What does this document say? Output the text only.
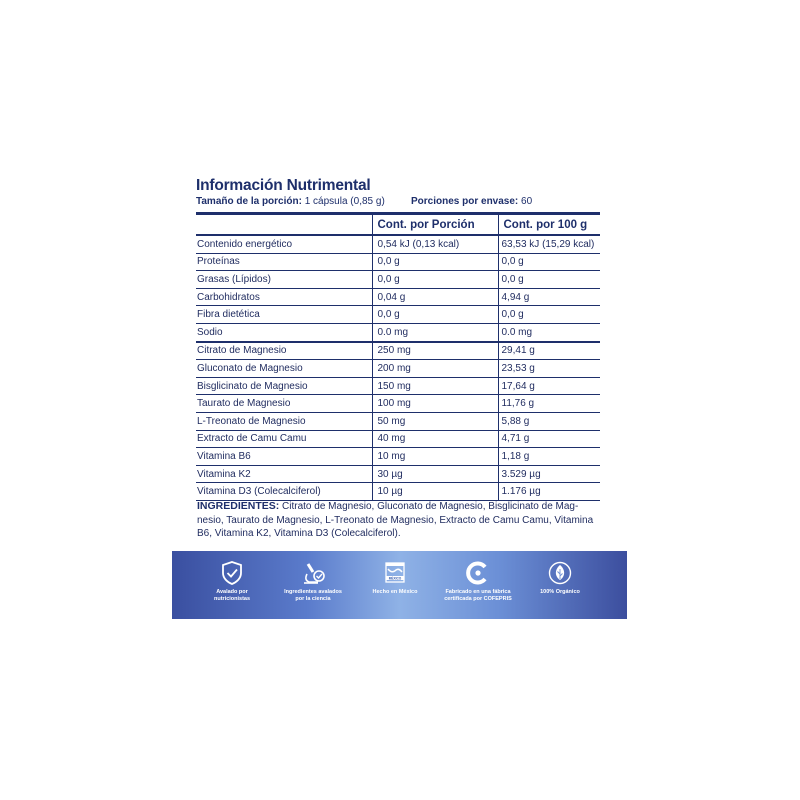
Información Nutrimental
Tamaño de la porción: 1 cápsula (0,85 g)	Porciones por envase: 60
	Cont. por Porción	Cont. por 100 g
Contenido energético	0,54 kJ (0,13 kcal)	63,53 kJ (15,29 kcal)
Proteínas	0,0 g	0,0 g
Grasas (Lípidos)	0,0 g	0,0 g
Carbohidratos	0,04 g	4,94 g
Fibra dietética	0,0 g	0,0 g
Sodio	0.0 mg	0.0 mg
Citrato de Magnesio	250 mg	29,41 g
Gluconato de Magnesio	200 mg	23,53 g
Bisglicinato de Magnesio	150 mg	17,64 g
Taurato de Magnesio	100 mg	11,76 g
L-Treonato de Magnesio	50 mg	5,88 g
Extracto de Camu Camu	40 mg	4,71 g
Vitamina B6	10 mg	1,18 g
Vitamina K2	30 µg	3.529 µg
Vitamina D3 (Colecalciferol)	10 µg	1.176 µg
INGREDIENTES: Citrato de Magnesio, Gluconato de Magnesio, Bisglicinato de Mag-nesio, Taurato de Magnesio, L-Treonato de Magnesio, Extracto de Camu Camu, Vitamina B6, Vitamina K2, Vitamina D3 (Colecalciferol).
Avalado por
nutricionistas
Ingredientes avalados
por la ciencia
MÉXICO
Hecho en México	Fabricado en una fábrica
certificada por COFEPRIS
100% Orgánico
